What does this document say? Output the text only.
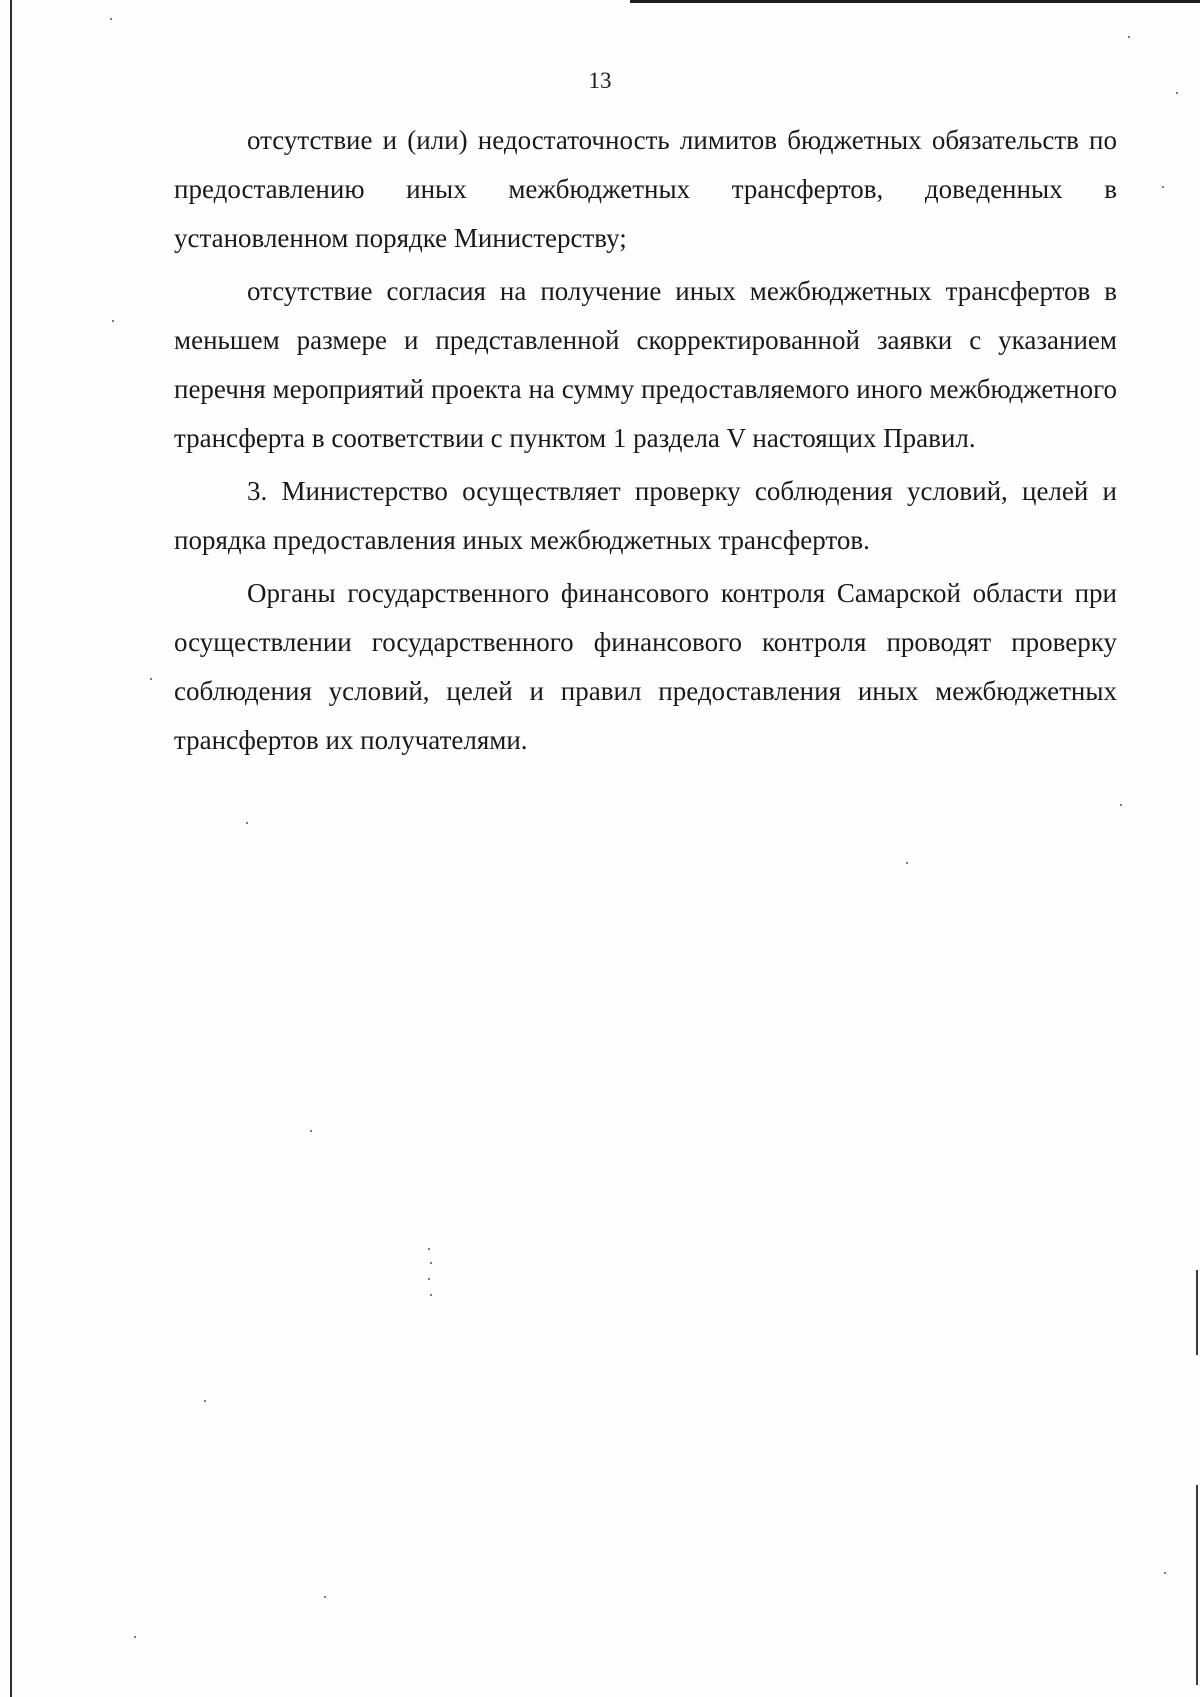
13

отсутствие и (или) недостаточность лимитов бюджетных обязательств по предоставлению иных межбюджетных трансфертов, доведенных в установленном порядке Министерству;

отсутствие согласия на получение иных межбюджетных трансфертов в меньшем размере и представленной скорректированной заявки с указанием перечня мероприятий проекта на сумму предоставляемого иного межбюджетного трансферта в соответствии с пунктом 1 раздела V настоящих Правил.

3. Министерство осуществляет проверку соблюдения условий, целей и порядка предоставления иных межбюджетных трансфертов.

Органы государственного финансового контроля Самарской области при осуществлении государственного финансового контроля проводят проверку соблюдения условий, целей и правил предоставления иных межбюджетных трансфертов их получателями.
